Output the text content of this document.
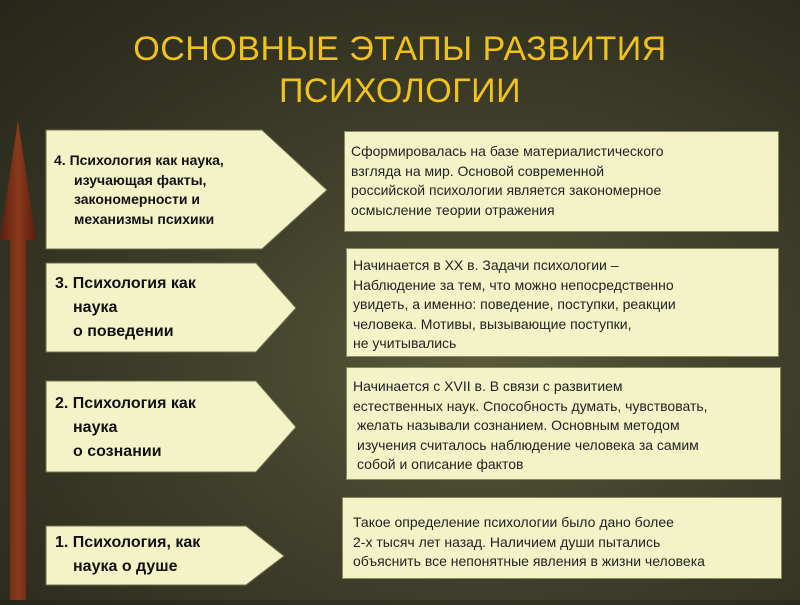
ОСНОВНЫЕ ЭТАПЫ РАЗВИТИЯ
ПСИХОЛОГИИ
4. Психология как наука,
изучающая факты,
закономерности и
механизмы психики
Сформировалась на базе материалистического
взгляда на мир. Основой современной
российской психологии является закономерное
осмысление теории отражения
3. Психология как
наука
о поведении
Начинается в XX в. Задачи психологии –
Наблюдение за тем, что можно непосредственно
увидеть, а именно: поведение, поступки, реакции
человека. Мотивы, вызывающие поступки,
не учитывались
2. Психология как
наука
о сознании
Начинается с XVII в. В связи с развитием
естественных наук. Способность думать, чувствовать,
желать называли сознанием. Основным методом
изучения считалось наблюдение человека за самим
собой и описание фактов
1. Психология, как
наука о душе
Такое определение психологии было дано более
2-х тысяч лет назад. Наличием души пытались
объяснить все непонятные явления в жизни человека
